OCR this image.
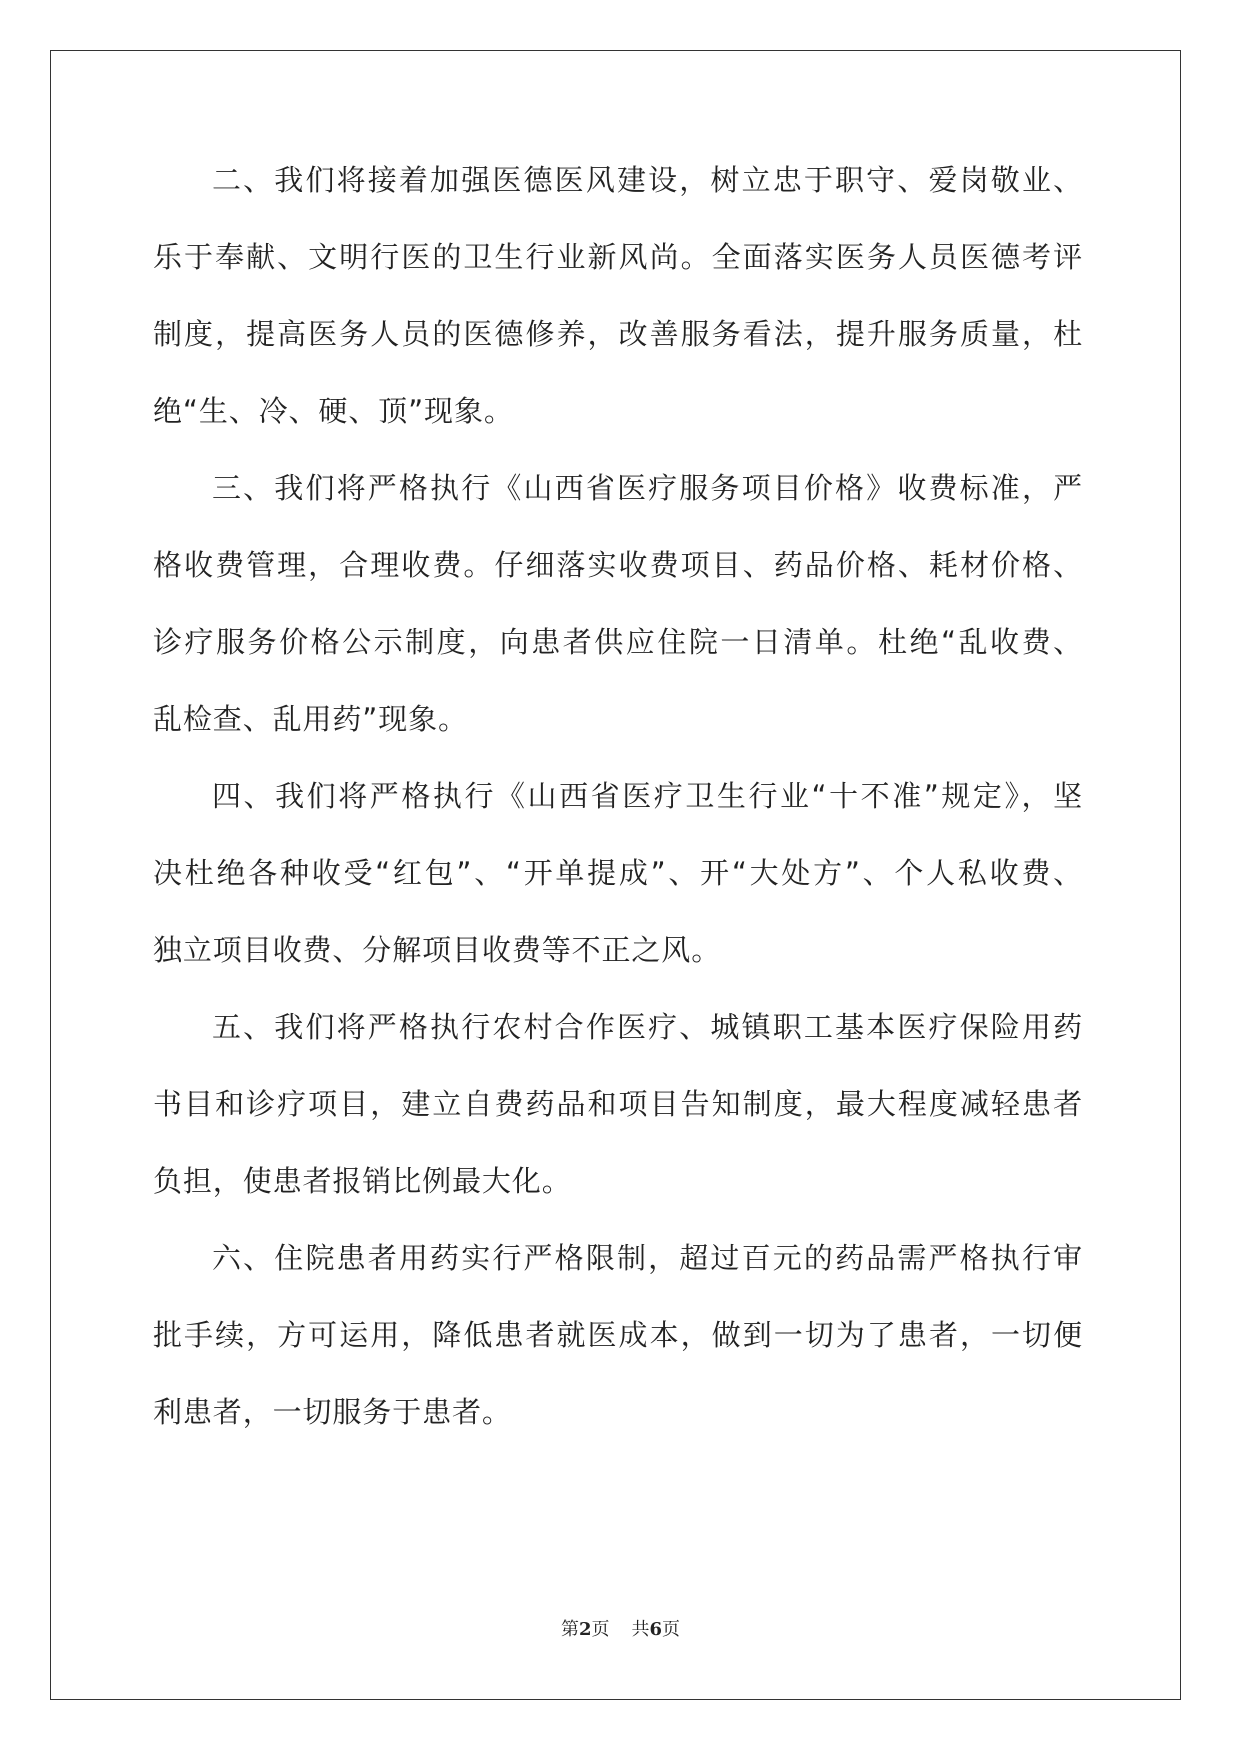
二、我们将接着加强医德医风建设，树立忠于职守、爱岗敬业、
乐于奉献、文明行医的卫生行业新风尚。全面落实医务人员医德考评
制度，提高医务人员的医德修养，改善服务看法，提升服务质量，杜
绝“生、冷、硬、顶”现象。
三、我们将严格执行《山西省医疗服务项目价格》收费标准，严
格收费管理，合理收费。仔细落实收费项目、药品价格、耗材价格、
诊疗服务价格公示制度，向患者供应住院一日清单。杜绝“乱收费、
乱检查、乱用药”现象。
四、我们将严格执行《山西省医疗卫生行业“十不准”规定》，坚
决杜绝各种收受“红包”、“开单提成”、开“大处方”、个人私收费、
独立项目收费、分解项目收费等不正之风。
五、我们将严格执行农村合作医疗、城镇职工基本医疗保险用药
书目和诊疗项目，建立自费药品和项目告知制度，最大程度减轻患者
负担，使患者报销比例最大化。
六、住院患者用药实行严格限制，超过百元的药品需严格执行审
批手续，方可运用，降低患者就医成本，做到一切为了患者，一切便
利患者，一切服务于患者。
第2页 共6页
